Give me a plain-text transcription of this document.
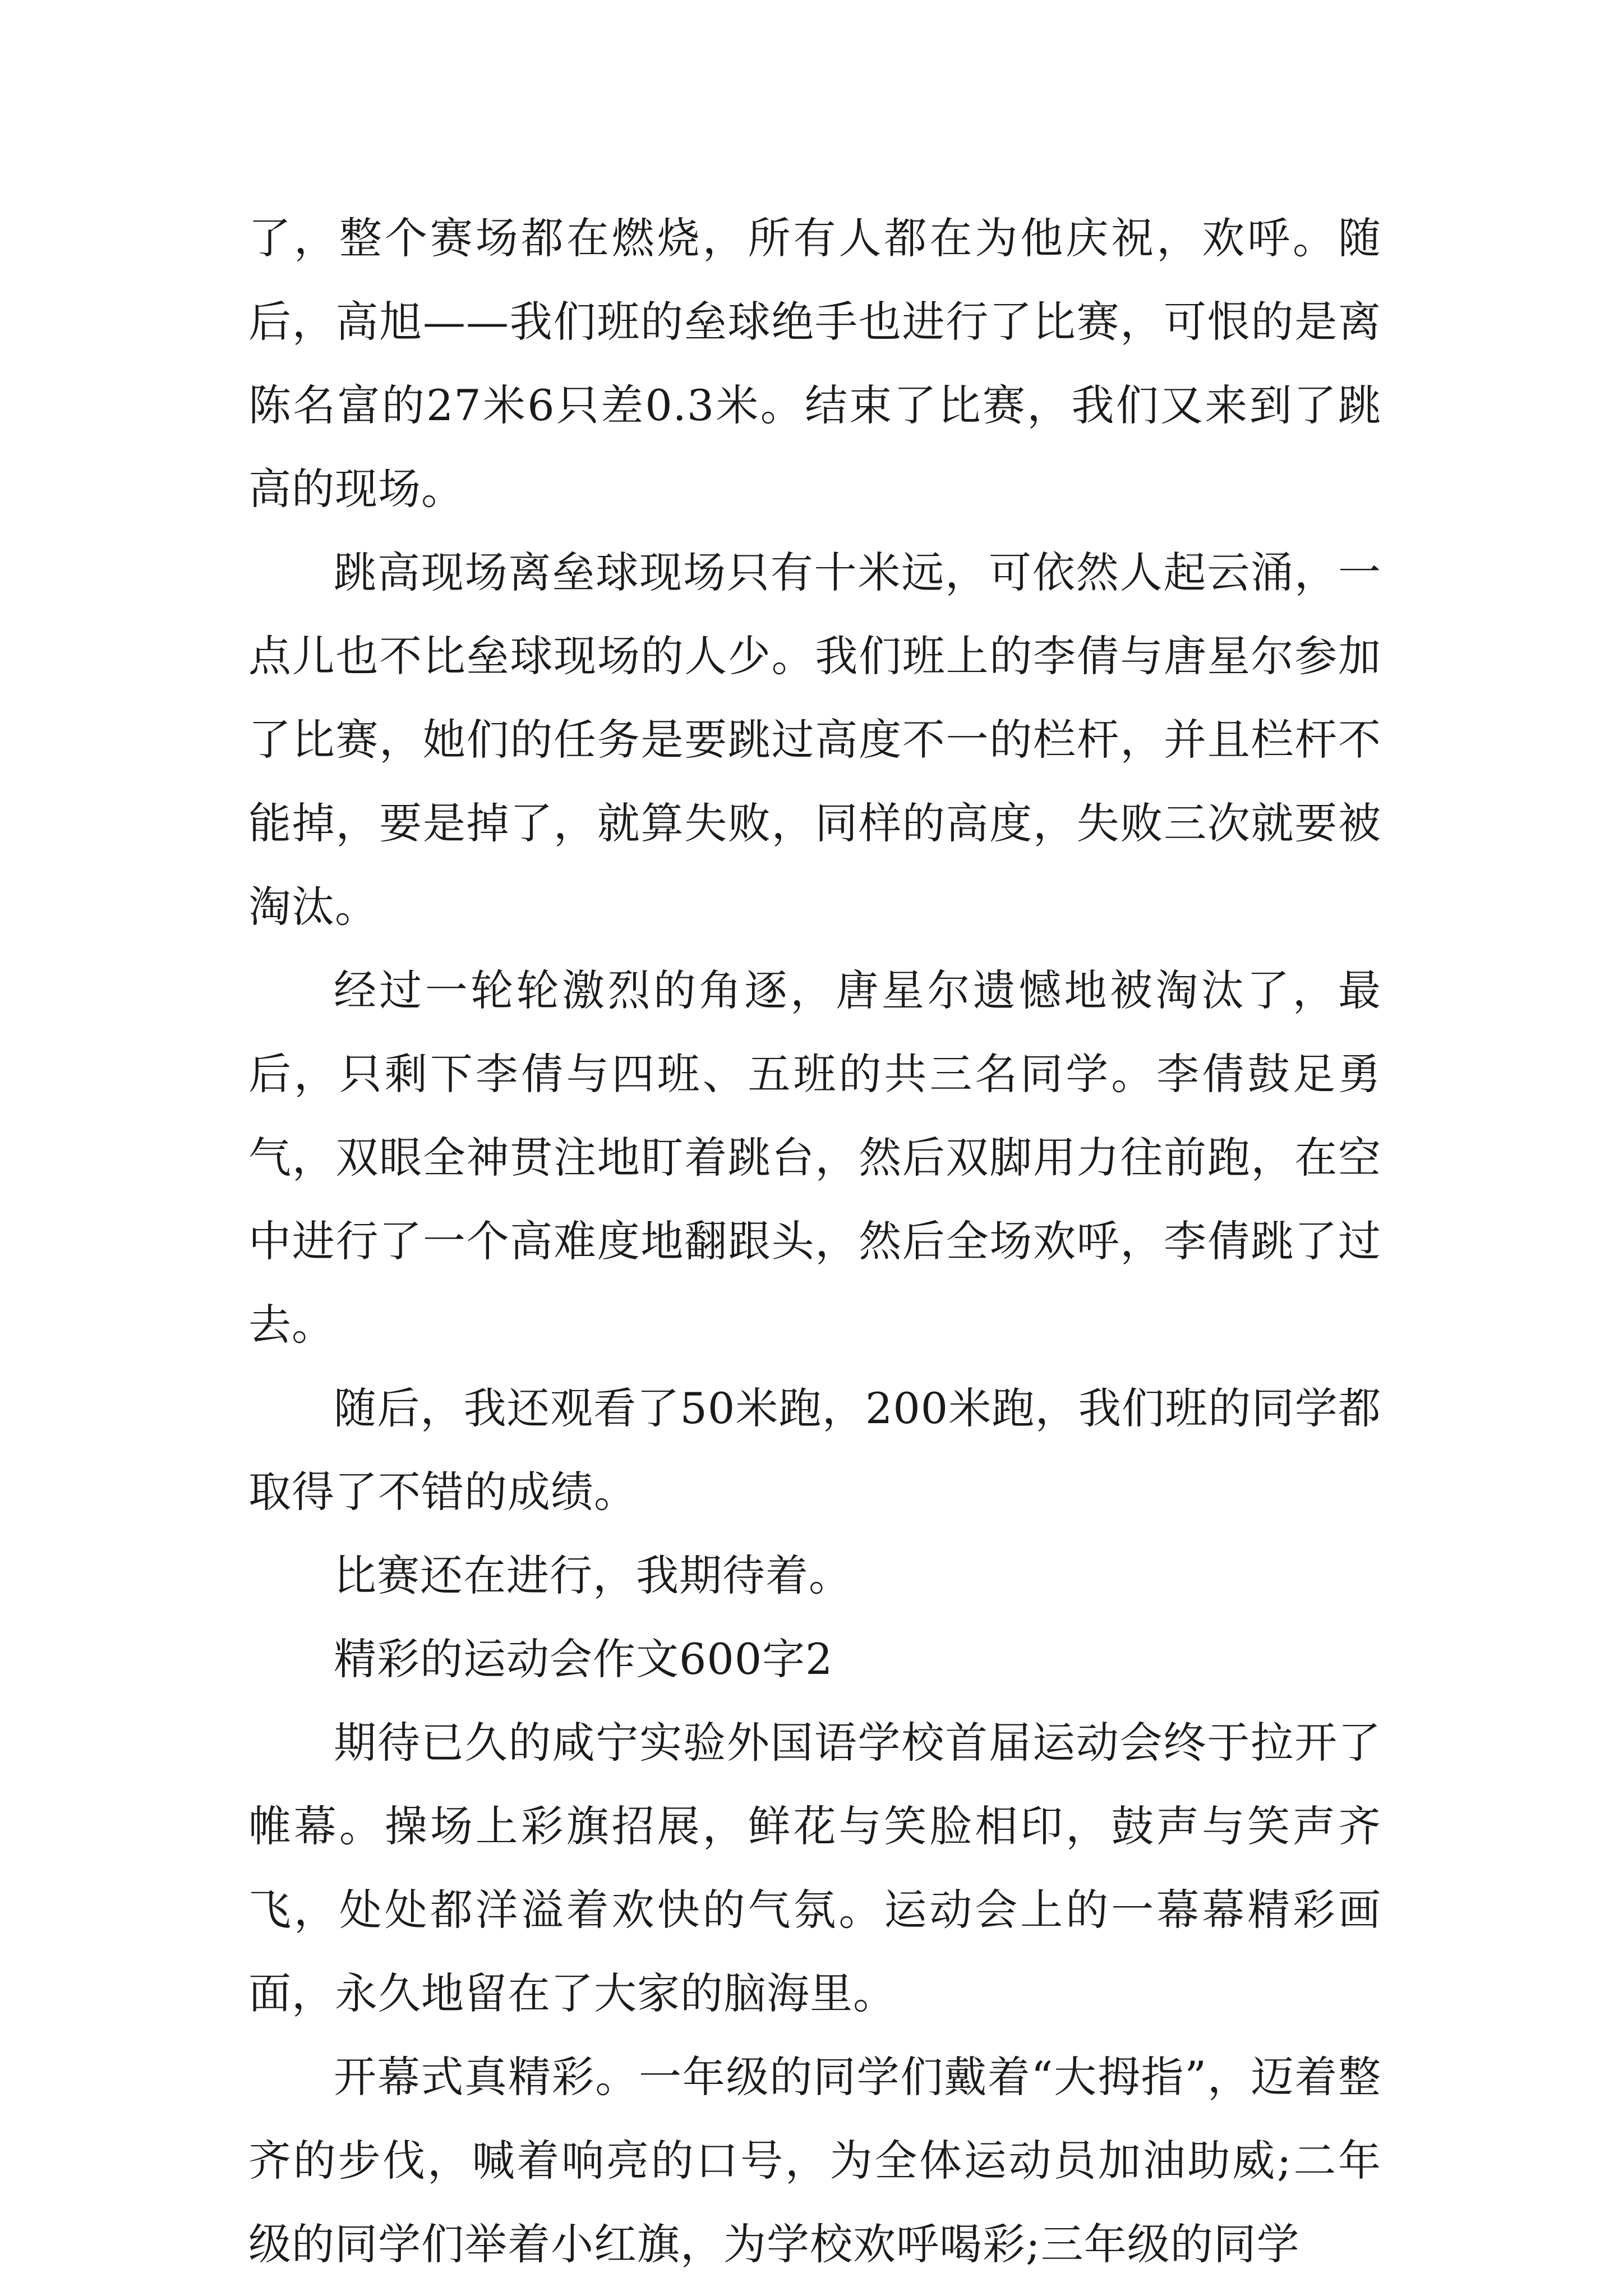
了，整个赛场都在燃烧，所有人都在为他庆祝，欢呼。随后，高旭——我们班的垒球绝手也进行了比赛，可恨的是离陈名富的27米6只差0.3米。结束了比赛，我们又来到了跳高的现场。

跳高现场离垒球现场只有十米远，可依然人起云涌，一点儿也不比垒球现场的人少。我们班上的李倩与唐星尔参加了比赛，她们的任务是要跳过高度不一的栏杆，并且栏杆不能掉，要是掉了，就算失败，同样的高度，失败三次就要被淘汰。

经过一轮轮激烈的角逐，唐星尔遗憾地被淘汰了，最后，只剩下李倩与四班、五班的共三名同学。李倩鼓足勇气，双眼全神贯注地盯着跳台，然后双脚用力往前跑，在空中进行了一个高难度地翻跟头，然后全场欢呼，李倩跳了过去。

随后，我还观看了50米跑，200米跑，我们班的同学都取得了不错的成绩。

比赛还在进行，我期待着。

精彩的运动会作文600字2

期待已久的咸宁实验外国语学校首届运动会终于拉开了帷幕。操场上彩旗招展，鲜花与笑脸相印，鼓声与笑声齐飞，处处都洋溢着欢快的气氛。运动会上的一幕幕精彩画面，永久地留在了大家的脑海里。

开幕式真精彩。一年级的同学们戴着“大拇指”，迈着整齐的步伐，喊着响亮的口号，为全体运动员加油助威;二年级的同学们举着小红旗，为学校欢呼喝彩;三年级的同学
